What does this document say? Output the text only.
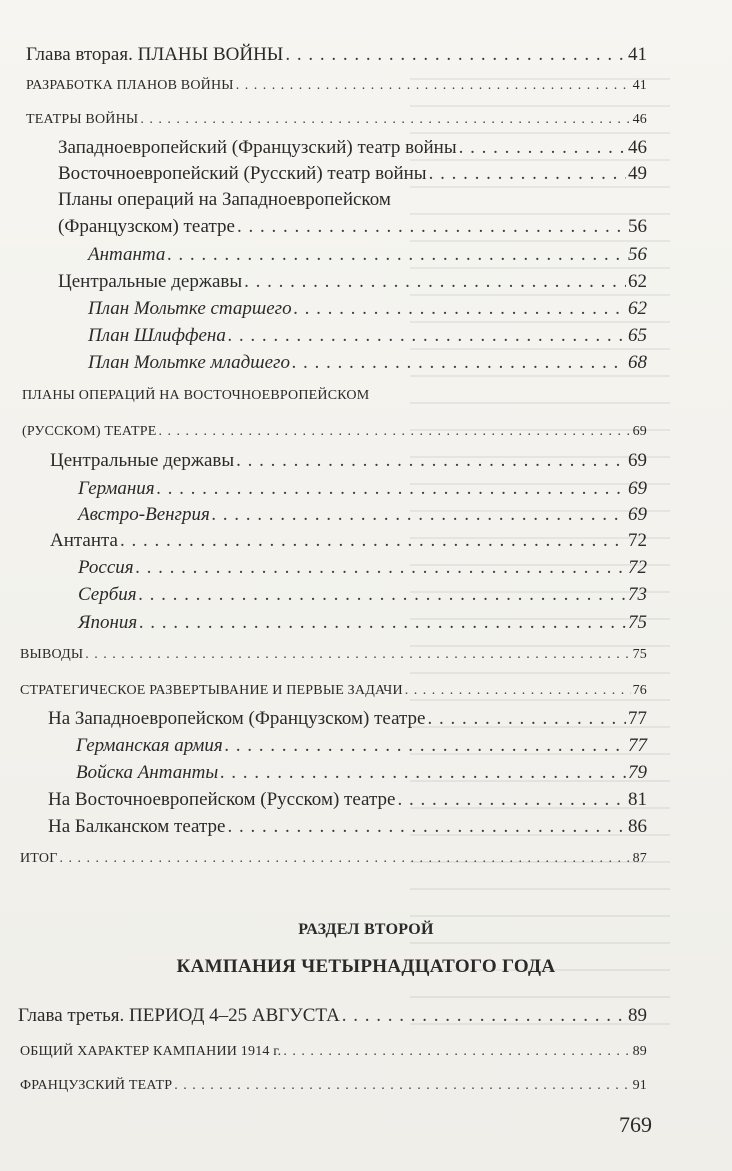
Глава вторая. ПЛАНЫ ВОЙНЫ . . .	41
РАЗРАБОТКА ПЛАНОВ ВОЙНЫ . . .	41
ТЕАТРЫ ВОЙНЫ . . .	46
Западноевропейский (Французский) театр войны . . .	46
Восточноевропейский (Русский) театр войны . . .	49
Планы операций на Западноевропейском
(Французском) театре . . .	56
Антанта . . .	56
Центральные державы . . .	62
План Мольтке старшего . . .	62
План Шлиффена . . .	65
План Мольтке младшего . . .	68
ПЛАНЫ ОПЕРАЦИЙ НА ВОСТОЧНОЕВРОПЕЙСКОМ
(РУССКОМ) ТЕАТРЕ . . .	69
Центральные державы . . .	69
Германия . . .	69
Австро-Венгрия . . .	69
Антанта . . .	72
Россия . . .	72
Сербия . . .	73
Япония . . .	75
ВЫВОДЫ . . .	75
СТРАТЕГИЧЕСКОЕ РАЗВЕРТЫВАНИЕ И ПЕРВЫЕ ЗАДАЧИ . . .	76
На Западноевропейском (Французском) театре . . .	77
Германская армия . . .	77
Войска Антанты . . .	79
На Восточноевропейском (Русском) театре . . .	81
На Балканском театре . . .	86
ИТОГ . . .	87
Глава третья. ПЕРИОД 4–25 АВГУСТА . . .	89
ОБЩИЙ ХАРАКТЕР КАМПАНИИ 1914 г. . . .	89
ФРАНЦУЗСКИЙ ТЕАТР . . .	91
РАЗДЕЛ ВТОРОЙ
КАМПАНИЯ ЧЕТЫРНАДЦАТОГО ГОДА
769
